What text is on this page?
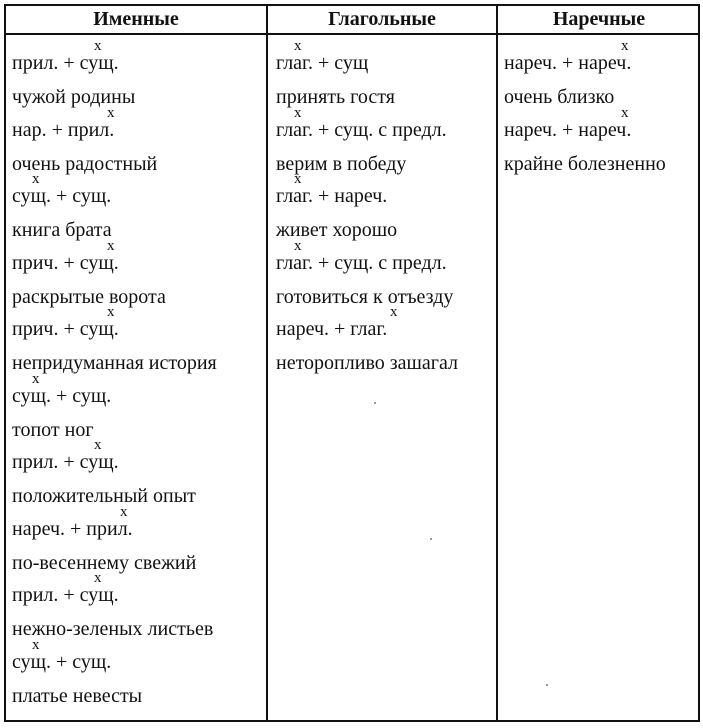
Именные	Глагольные	Наречные
прил. + сущ.
x
чужой родины
нар. + прил.
x
очень радостный
сущ. + сущ.
x
книга брата
прич. + сущ.
x
раскрытые ворота
прич. + сущ.
x
непридуманная история
сущ. + сущ.
x
топот ног
прил. + сущ.
x
положительный опыт
нареч. + прил.
x
по-весеннему свежий
прил. + сущ.
x
нежно-зеленых листьев
сущ. + сущ.
x
платье невесты
глаг. + сущ
x
принять гостя
глаг. + сущ. с предл.
x
верим в победу
глаг. + нареч.
x
живет хорошо
глаг. + сущ. с предл.
x
готовиться к отъезду
нареч. + глаг.
x
неторопливо зашагал
нареч. + нареч.
x
очень близко
нареч. + нареч.
x
крайне болезненно
